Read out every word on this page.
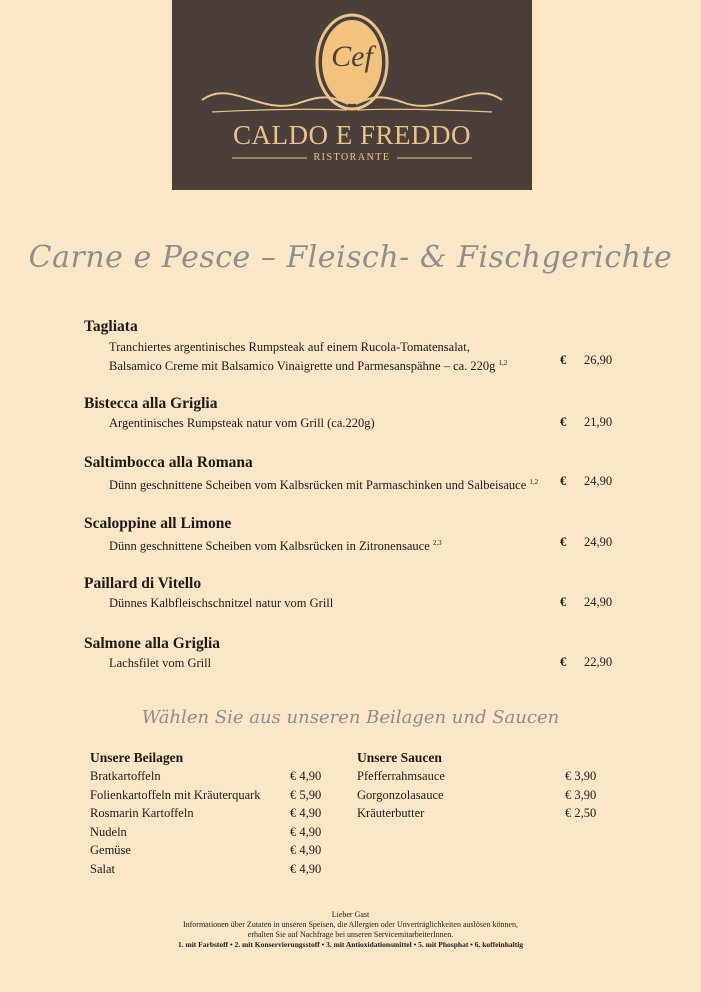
Cef
CALDO E FREDDO
RISTORANTE
Carne e Pesce – Fleisch- & Fischgerichte
Tagliata
Tranchiertes argentinisches Rumpsteak auf einem Rucola-Tomatensalat,
Balsamico Creme mit Balsamico Vinaigrette und Parmesanspähne – ca. 220g $^{1,2}$	€ 26,90
Bistecca alla Griglia
Argentinisches Rumpsteak natur vom Grill (ca.220g)	€ 21,90
Saltimbocca alla Romana
Dünn geschnittene Scheiben vom Kalbsrücken mit Parmaschinken und Salbeisauce $^{1,2}$	€ 24,90
Scaloppine all Limone
Dünn geschnittene Scheiben vom Kalbsrücken in Zitronensauce $^{2,3}$	€ 24,90
Paillard di Vitello
Dünnes Kalbfleischschnitzel natur vom Grill	€ 24,90
Salmone alla Griglia
Lachsfilet vom Grill	€ 22,90
Wählen Sie aus unseren Beilagen und Saucen
Unsere Beilagen
Bratkartoffeln	€ 4,90
Folienkartoffeln mit Kräuterquark € 5,90
Rosmarin Kartoffeln	€ 4,90
Nudeln	€ 4,90
Gemüse	€ 4,90
Salat	€ 4,90
Unsere Saucen
Pfefferrahmsauce	€ 3,90
Gorgonzolasauce	€ 3,90
Kräuterbutter	€ 2,50
Lieber Gast
Informationen über Zutaten in unseren Speisen, die Allergien oder Unverträglichkeiten auslösen können,
erhalten Sie auf Nachfrage bei unseren ServicemitarbeiterInnen.
1. mit Farbstoff • 2. mit Konservierungsstoff • 3. mit Antioxidationsmittel • 5. mit Phosphat • 6. koffeinhaltig
